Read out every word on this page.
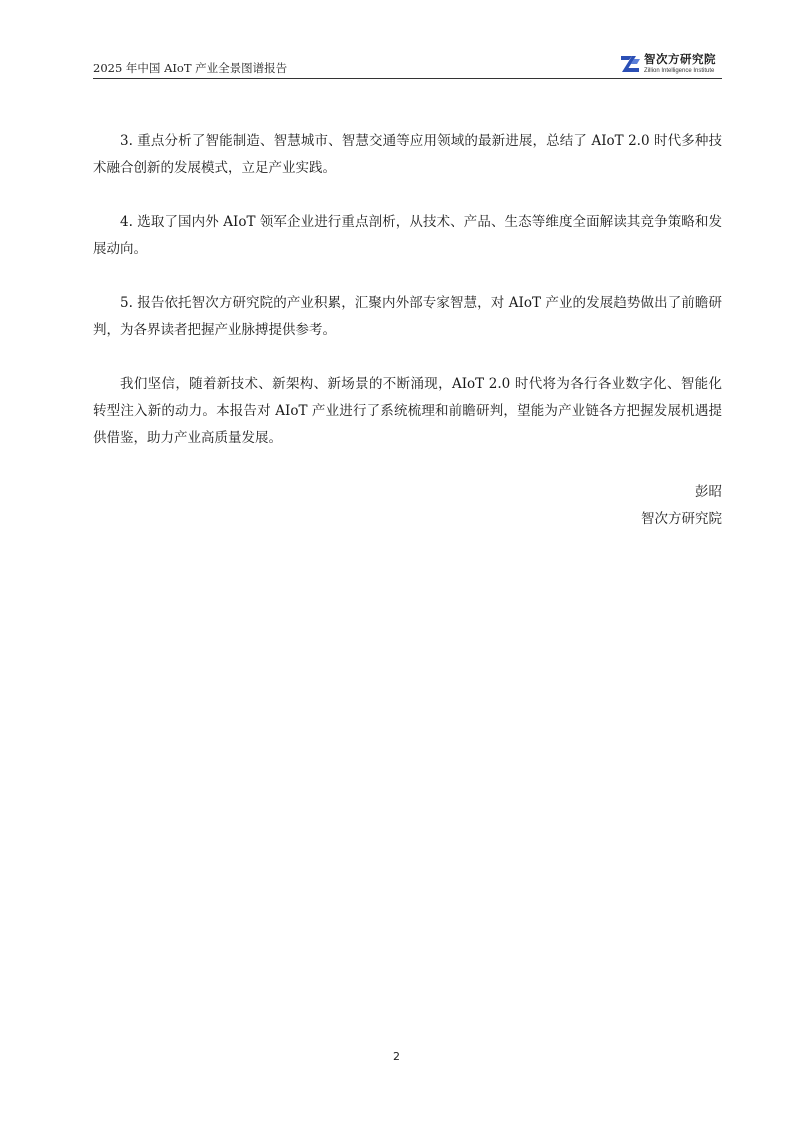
2025 年中国 AIoT 产业全景图谱报告
智次方研究院
Zillion Intelligence Institute

3. 重点分析了智能制造、智慧城市、智慧交通等应用领域的最新进展，总结了 AIoT 2.0 时代多种技术融合创新的发展模式，立足产业实践。

4. 选取了国内外 AIoT 领军企业进行重点剖析，从技术、产品、生态等维度全面解读其竞争策略和发展动向。

5. 报告依托智次方研究院的产业积累，汇聚内外部专家智慧，对 AIoT 产业的发展趋势做出了前瞻研判，为各界读者把握产业脉搏提供参考。

我们坚信，随着新技术、新架构、新场景的不断涌现，AIoT 2.0 时代将为各行各业数字化、智能化转型注入新的动力。本报告对 AIoT 产业进行了系统梳理和前瞻研判，望能为产业链各方把握发展机遇提供借鉴，助力产业高质量发展。

彭昭

智次方研究院

2
